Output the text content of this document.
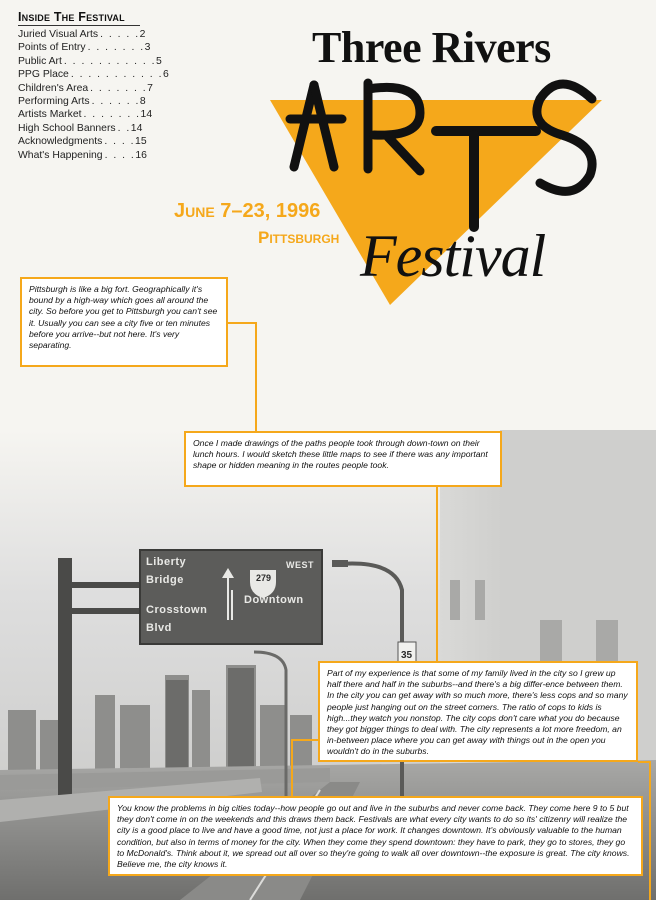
Liberty
Bridge
Crosstown
Blvd
WEST
Downtown
279
35
Inside The Festival
Juried Visual Arts . . . . . 2
Points of Entry . . . . . . . 3
Public Art . . . . . . . . . . . 5
PPG Place . . . . . . . . . . . 6
Children's Area . . . . . . . 7
Performing Arts . . . . . . 8
Artists Market . . . . . . . 14
High School Banners . . 14
Acknowledgments . . . . 15
What's Happening . . . . 16
Three Rivers
June 7–23, 1996
Pittsburgh Festival
Pittsburgh is like a big fort. Geographically it's bound by a high-way which goes all around the city. So before you get to Pittsburgh you can't see it. Usually you can see a city five or ten minutes before you arrive--but not here. It's very separating.
Once I made drawings of the paths people took through down-town on their lunch hours. I would sketch these little maps to see if there was any important shape or hidden meaning in the routes people took.
Part of my experience is that some of my family lived in the city so I grew up half there and half in the suburbs--and there's a big differ-ence between them. In the city you can get away with so much more, there's less cops and so many people just hanging out on the street corners. The ratio of cops to kids is high...they watch you nonstop. The city cops don't care what you do because they got bigger things to deal with. The city represents a lot more freedom, an in-between place where you can get away with things out in the open you wouldn't do in the suburbs.
You know the problems in big cities today--how people go out and live in the suburbs and never come back. They come here 9 to 5 but they don't come in on the weekends and this draws them back. Festivals are what every city wants to do so its' citizenry will realize the city is a good place to live and have a good time, not just a place for work. It changes downtown. It's obviously valuable to the human condition, but also in terms of money for the city. When they come they spend downtown: they have to park, they go to stores, they go to McDonald's. Think about it, we spread out all over so they're going to walk all over downtown--the exposure is great. The city knows. Believe me, the city knows it.
